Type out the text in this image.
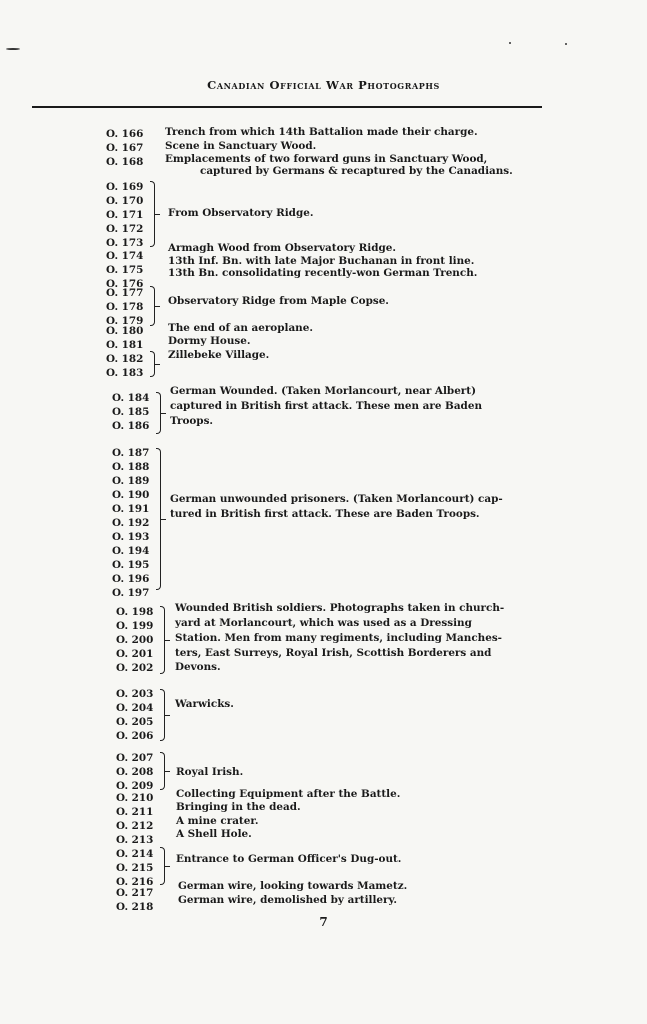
Canadian Official War Photographs
O. 166 Trench from which 14th Battalion made their charge.
O. 167 Scene in Sanctuary Wood.
O. 168 Emplacements of two forward guns in Sanctuary Wood,
captured by Germans & recaptured by the Canadians.
O. 169
O. 170
O. 171
O. 172
O. 173
From Observatory Ridge.
O. 174
Armagh Wood from Observatory Ridge.
O. 175
13th Inf. Bn. with late Major Buchanan in front line.
O. 176
13th Bn. consolidating recently-won German Trench.
O. 177
O. 178
O. 179
Observatory Ridge from Maple Copse.
O. 180 The end of an aeroplane.
O. 181 Dormy House.
O. 182
O. 183
Zillebeke Village.
O. 184
O. 185
O. 186
German Wounded. (Taken Morlancourt, near Albert)
captured in British first attack. These men are Baden
Troops.
O. 187
O. 188
O. 189
O. 190
O. 191
O. 192
O. 193
O. 194
O. 195
O. 196
O. 197
German unwounded prisoners. (Taken Morlancourt) cap-
tured in British first attack. These are Baden Troops.
O. 198
O. 199
O. 200
O. 201
O. 202
Wounded British soldiers. Photographs taken in church-
yard at Morlancourt, which was used as a Dressing
Station. Men from many regiments, including Manches-
ters, East Surreys, Royal Irish, Scottish Borderers and
Devons.
O. 203
O. 204
O. 205
O. 206
Warwicks.
O. 207
O. 208
O. 209
Royal Irish.
O. 210 Collecting Equipment after the Battle.
O. 211 Bringing in the dead.
O. 212 A mine crater.
O. 213 A Shell Hole.
O. 214
O. 215
O. 216
Entrance to German Officer's Dug-out.
O. 217
German wire, looking towards Mametz.
O. 218
German wire, demolished by artillery.
7
